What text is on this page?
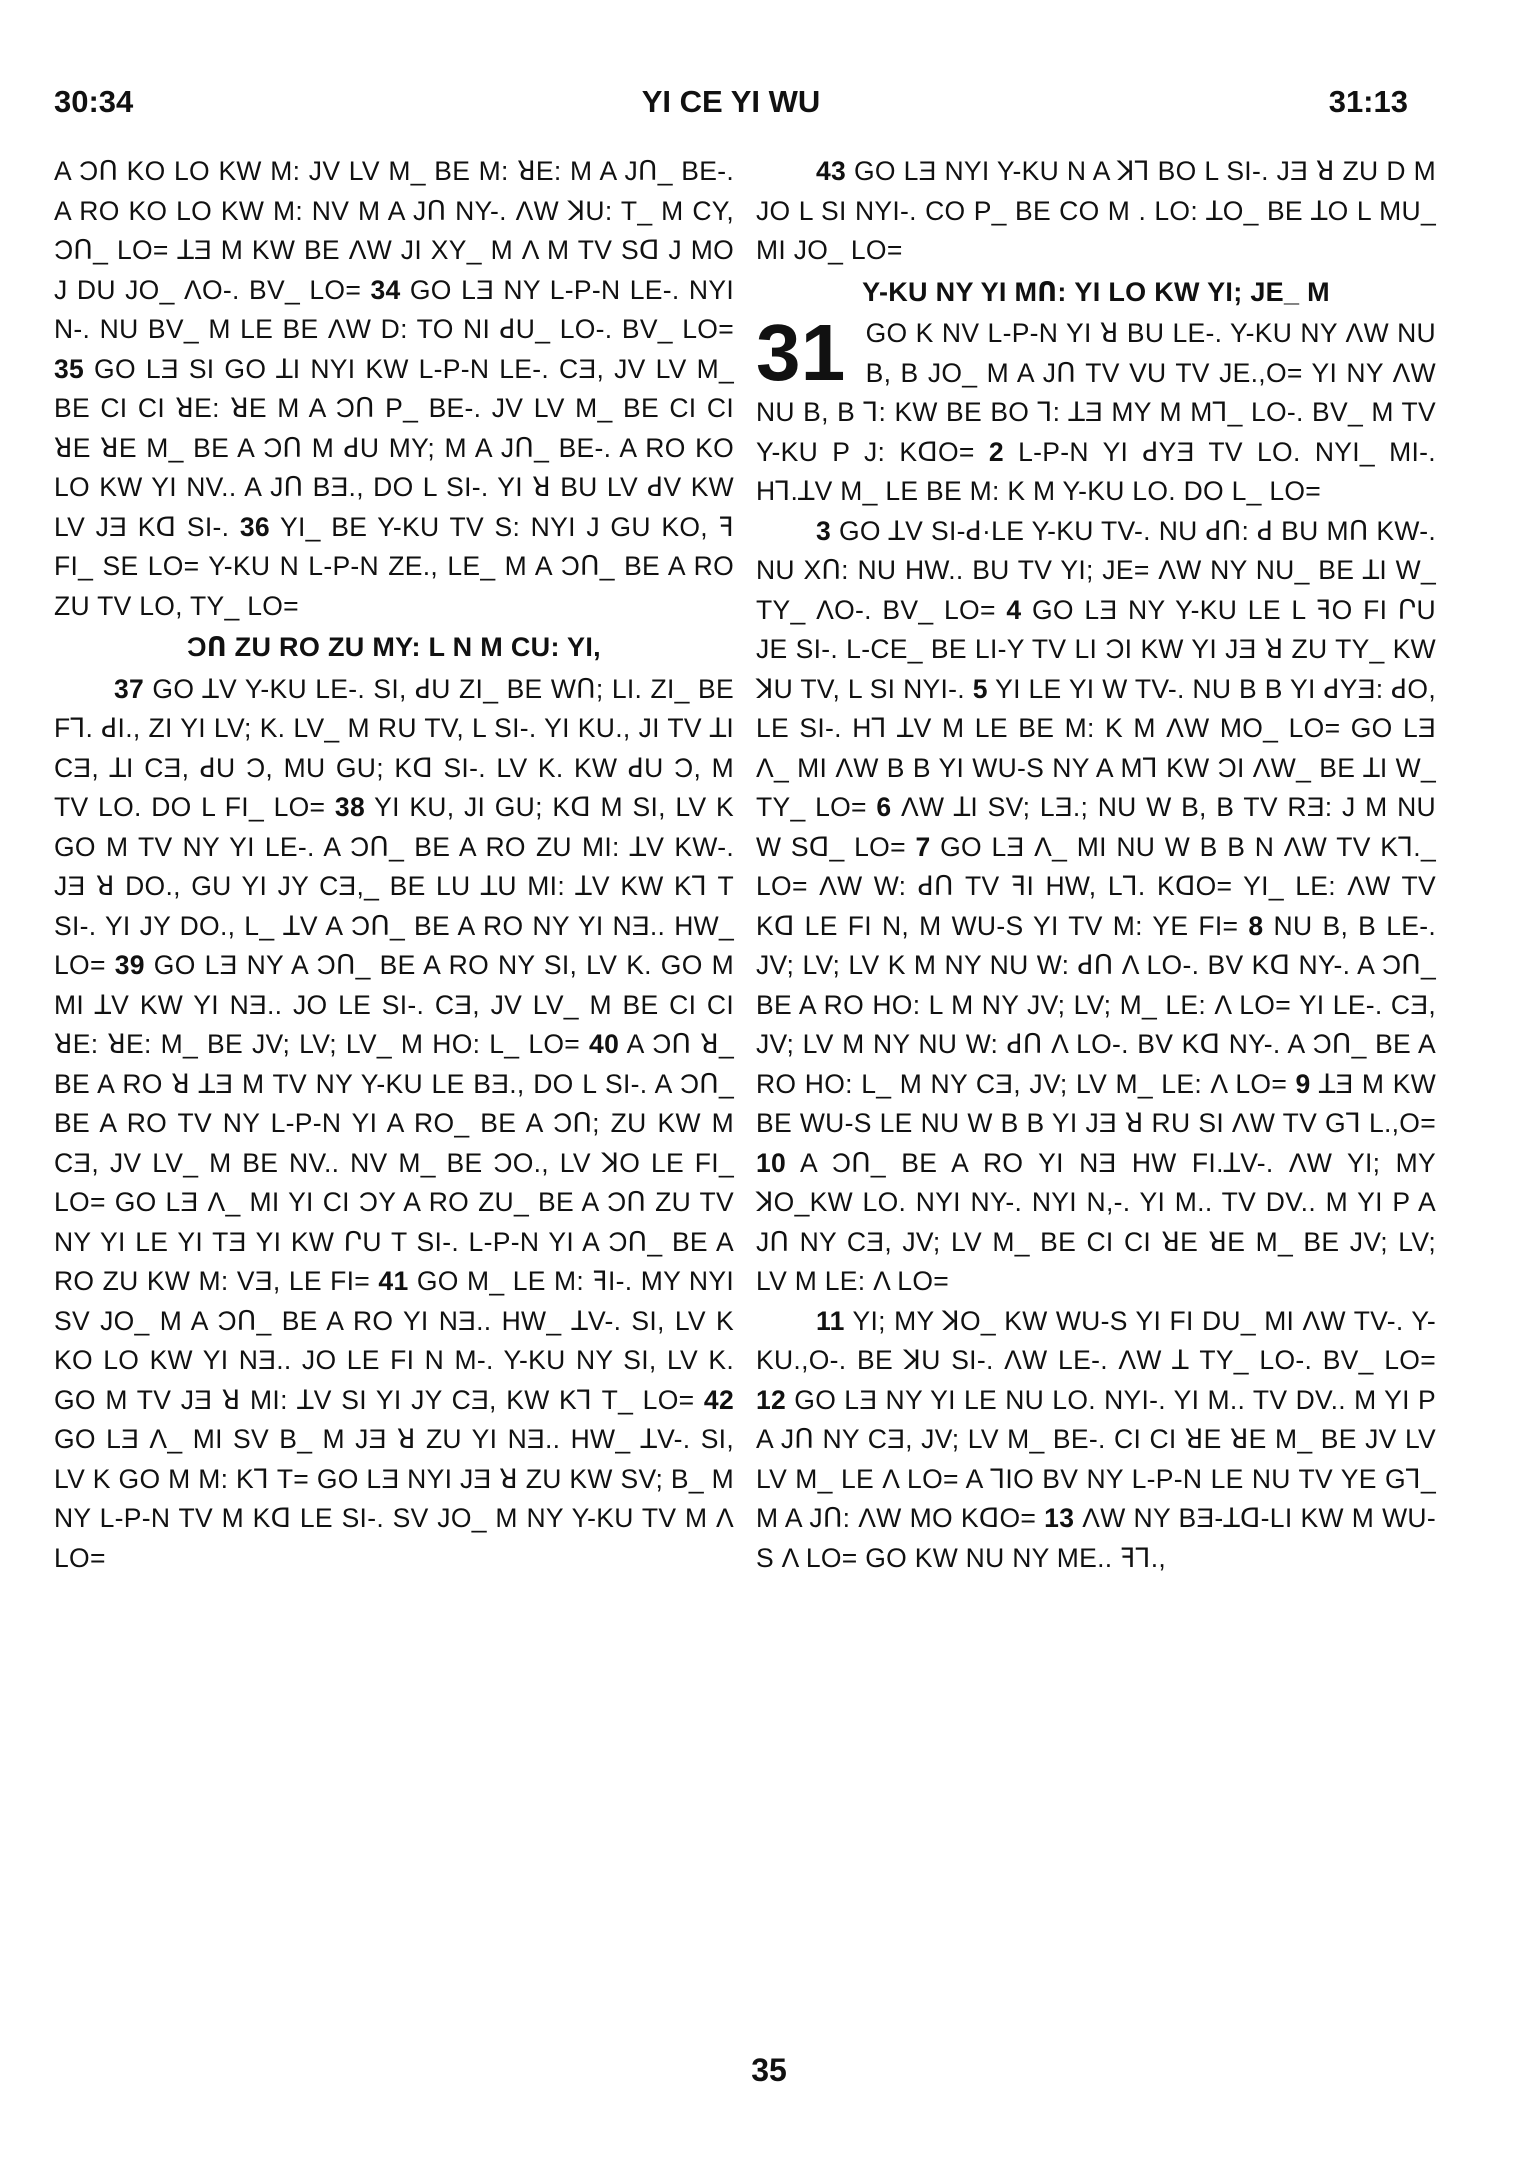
30:34	YI CE YI WU	31:13

A ƆՈ KO LO KW M: JV LV M_ BE M: ꓤE: M A JՈ_ BE-. A RO KO LO KW M: NV M A JՈ NY-. ΛW ꓘU: T_ M CY, ƆՈ_ LO= ꓕƎ M KW BE ΛW JI XY_ M Λ M TV Sꓷ J MO J DU JO_ ΛO-. BV_ LO= 34 GO LƎ NY L-P-N LE-. NYI N-. NU BV_ M LE BE ΛW D: TO NI ꓒU_ LO-. BV_ LO= 35 GO LƎ SI GO ꓕI NYI KW L-P-N LE-. CƎ, JV LV M_ BE CI CI ꓤE: ꓤE M A ƆՈ P_ BE-. JV LV M_ BE CI CI ꓤE ꓤE M_ BE A ƆՈ M ꓒU MY; M A JՈ_ BE-. A RO KO LO KW YI NV.. A JՈ BƎ., DO L SI-. YI ꓤ BU LV ꓒV KW LV JƎ Kꓷ SI-. 36 YI_ BE Y-KU TV S: NYI J GU KO, ꟻ FI_ SE LO= Y-KU N L-P-N ZE., LE_ M A ƆՈ_ BE A RO ZU TV LO, TY_ LO=

ƆՈ ZU RO ZU MY: L N M CU: YI,

37 GO ꓕV Y-KU LE-. SI, ꓒU ZI_ BE WՈ; LI. ZI_ BE Fꓶ. ꓒI., ZI YI LV; K. LV_ M RU TV, L SI-. YI KU., JI TV ꓕI CƎ, ꓕI CƎ, ꓒU Ɔ, MU GU; Kꓷ SI-. LV K. KW ꓒU Ɔ, M TV LO. DO L FI_ LO= 38 YI KU, JI GU; Kꓷ M SI, LV K GO M TV NY YI LE-. A ƆՈ_ BE A RO ZU MI: ꓕV KW-. JƎ ꓤ DO., GU YI JY CƎ,_ BE LU ꓕU MI: ꓕV KW Kꓶ T SI-. YI JY DO., L_ ꓕV A ƆՈ_ BE A RO NY YI NƎ.. HW_ LO= 39 GO LƎ NY A ƆՈ_ BE A RO NY SI, LV K. GO M MI ꓕV KW YI NƎ.. JO LE SI-. CƎ, JV LV_ M BE CI CI ꓤE: ꓤE: M_ BE JV; LV; LV_ M HO: L_ LO= 40 A ƆՈ ꓤ_ BE A RO ꓤ ꓕƎ M TV NY Y-KU LE BƎ., DO L SI-. A ƆՈ_ BE A RO TV NY L-P-N YI A RO_ BE A ƆՈ; ZU KW M CƎ, JV LV_ M BE NV.. NV M_ BE ƆO., LV ꓘO LE FI_ LO= GO LƎ Λ_ MI YI CI ƆY A RO ZU_ BE A ƆՈ ZU TV NY YI LE YI TƎ YI KW ՐU T SI-. L-P-N YI A ƆՈ_ BE A RO ZU KW M: VƎ, LE FI= 41 GO M_ LE M: ꟻI-. MY NYI SV JO_ M A ƆՈ_ BE A RO YI NƎ.. HW_ ꓕV-. SI, LV K KO LO KW YI NƎ.. JO LE FI N M-. Y-KU NY SI, LV K. GO M TV JƎ ꓤ MI: ꓕV SI YI JY CƎ, KW Kꓶ T_ LO= 42 GO LƎ Λ_ MI SV B_ M JƎ ꓤ ZU YI NƎ.. HW_ ꓕV-. SI, LV K GO M M: Kꓶ T= GO LƎ NYI JƎ ꓤ ZU KW SV; B_ M NY L-P-N TV M Kꓷ LE SI-. SV JO_ M NY Y-KU TV M Λ LO=

43 GO LƎ NYI Y-KU N A ꓘꓶ BO L SI-. JƎ ꓤ ZU D M JO L SI NYI-. CO P_ BE CO M . LO: ꓕO_ BE ꓕO L MU_ MI JO_ LO=

Y-KU NY YI MՈ: YI LO KW YI; JE_ M
31 GO K NV L-P-N YI ꓤ BU LE-. Y-KU NY ΛW NU B, B JO_ M A JՈ TV VU TV JE.,O= YI NY ΛW NU B, B ꓶ: KW BE BO ꓶ: ꓕƎ MY M Mꓶ_ LO-. BV_ M TV Y-KU P J: KꓷO= 2 L-P-N YI ꓒYƎ TV LO. NYI_ MI-. Hꓶ.ꓕV M_ LE BE M: K M Y-KU LO. DO L_ LO=

3 GO ꓕV SI-ꓒ·LE Y-KU TV-. NU ꓒՈ: ꓒ BU MՈ KW-. NU XՈ: NU HW.. BU TV YI; JE= ΛW NY NU_ BE ꓕI W_ TY_ ΛO-. BV_ LO= 4 GO LƎ NY Y-KU LE L ꟻO FI ՐU JE SI-. L-CE_ BE LI-Y TV LI ƆI KW YI JƎ ꓤ ZU TY_ KW ꓘU TV, L SI NYI-. 5 YI LE YI W TV-. NU B B YI ꓒYƎ: ꓒO, LE SI-. Hꓶ ꓕV M LE BE M: K M ΛW MO_ LO= GO LƎ Λ_ MI ΛW B B YI WU-S NY A Mꓶ KW ƆI ΛW_ BE ꓕI W_ TY_ LO= 6 ΛW ꓕI SV; LƎ.; NU W B, B TV RƎ: J M NU W Sꓷ_ LO= 7 GO LƎ Λ_ MI NU W B B N ΛW TV Kꓶ._ LO= ΛW W: ꓒՈ TV ꟻI HW, Lꓶ. KꓷO= YI_ LE: ΛW TV Kꓷ LE FI N, M WU-S YI TV M: YE FI= 8 NU B, B LE-. JV; LV; LV K M NY NU W: ꓒՈ Λ LO-. BV Kꓷ NY-. A ƆՈ_ BE A RO HO: L M NY JV; LV; M_ LE: Λ LO= YI LE-. CƎ, JV; LV M NY NU W: ꓒՈ Λ LO-. BV Kꓷ NY-. A ƆՈ_ BE A RO HO: L_ M NY CƎ, JV; LV M_ LE: Λ LO= 9 ꓕƎ M KW BE WU-S LE NU W B B YI JƎ ꓤ RU SI ΛW TV Gꓶ L.,O= 10 A ƆՈ_ BE A RO YI NƎ HW FI.ꓕV-. ΛW YI; MY ꓘO_KW LO. NYI NY-. NYI N,-. YI M.. TV DV.. M YI P A JՈ NY CƎ, JV; LV M_ BE CI CI ꓤE ꓤE M_ BE JV; LV; LV M LE: Λ LO=

11 YI; MY ꓘO_ KW WU-S YI FI DU_ MI ΛW TV-. Y-KU.,O-. BE ꓘU SI-. ΛW LE-. ΛW ꓕ TY_ LO-. BV_ LO= 12 GO LƎ NY YI LE NU LO. NYI-. YI M.. TV DV.. M YI P A JՈ NY CƎ, JV; LV M_ BE-. CI CI ꓤE ꓤE M_ BE JV LV LV M_ LE Λ LO= A ꓶIO BV NY L-P-N LE NU TV YE Gꓶ_ M A JՈ: ΛW MO KꓷO= 13 ΛW NY BƎ-ꓕꓷ-LI KW M WU-S Λ LO= GO KW NU NY ME.. ꟻꓶ.,

35
